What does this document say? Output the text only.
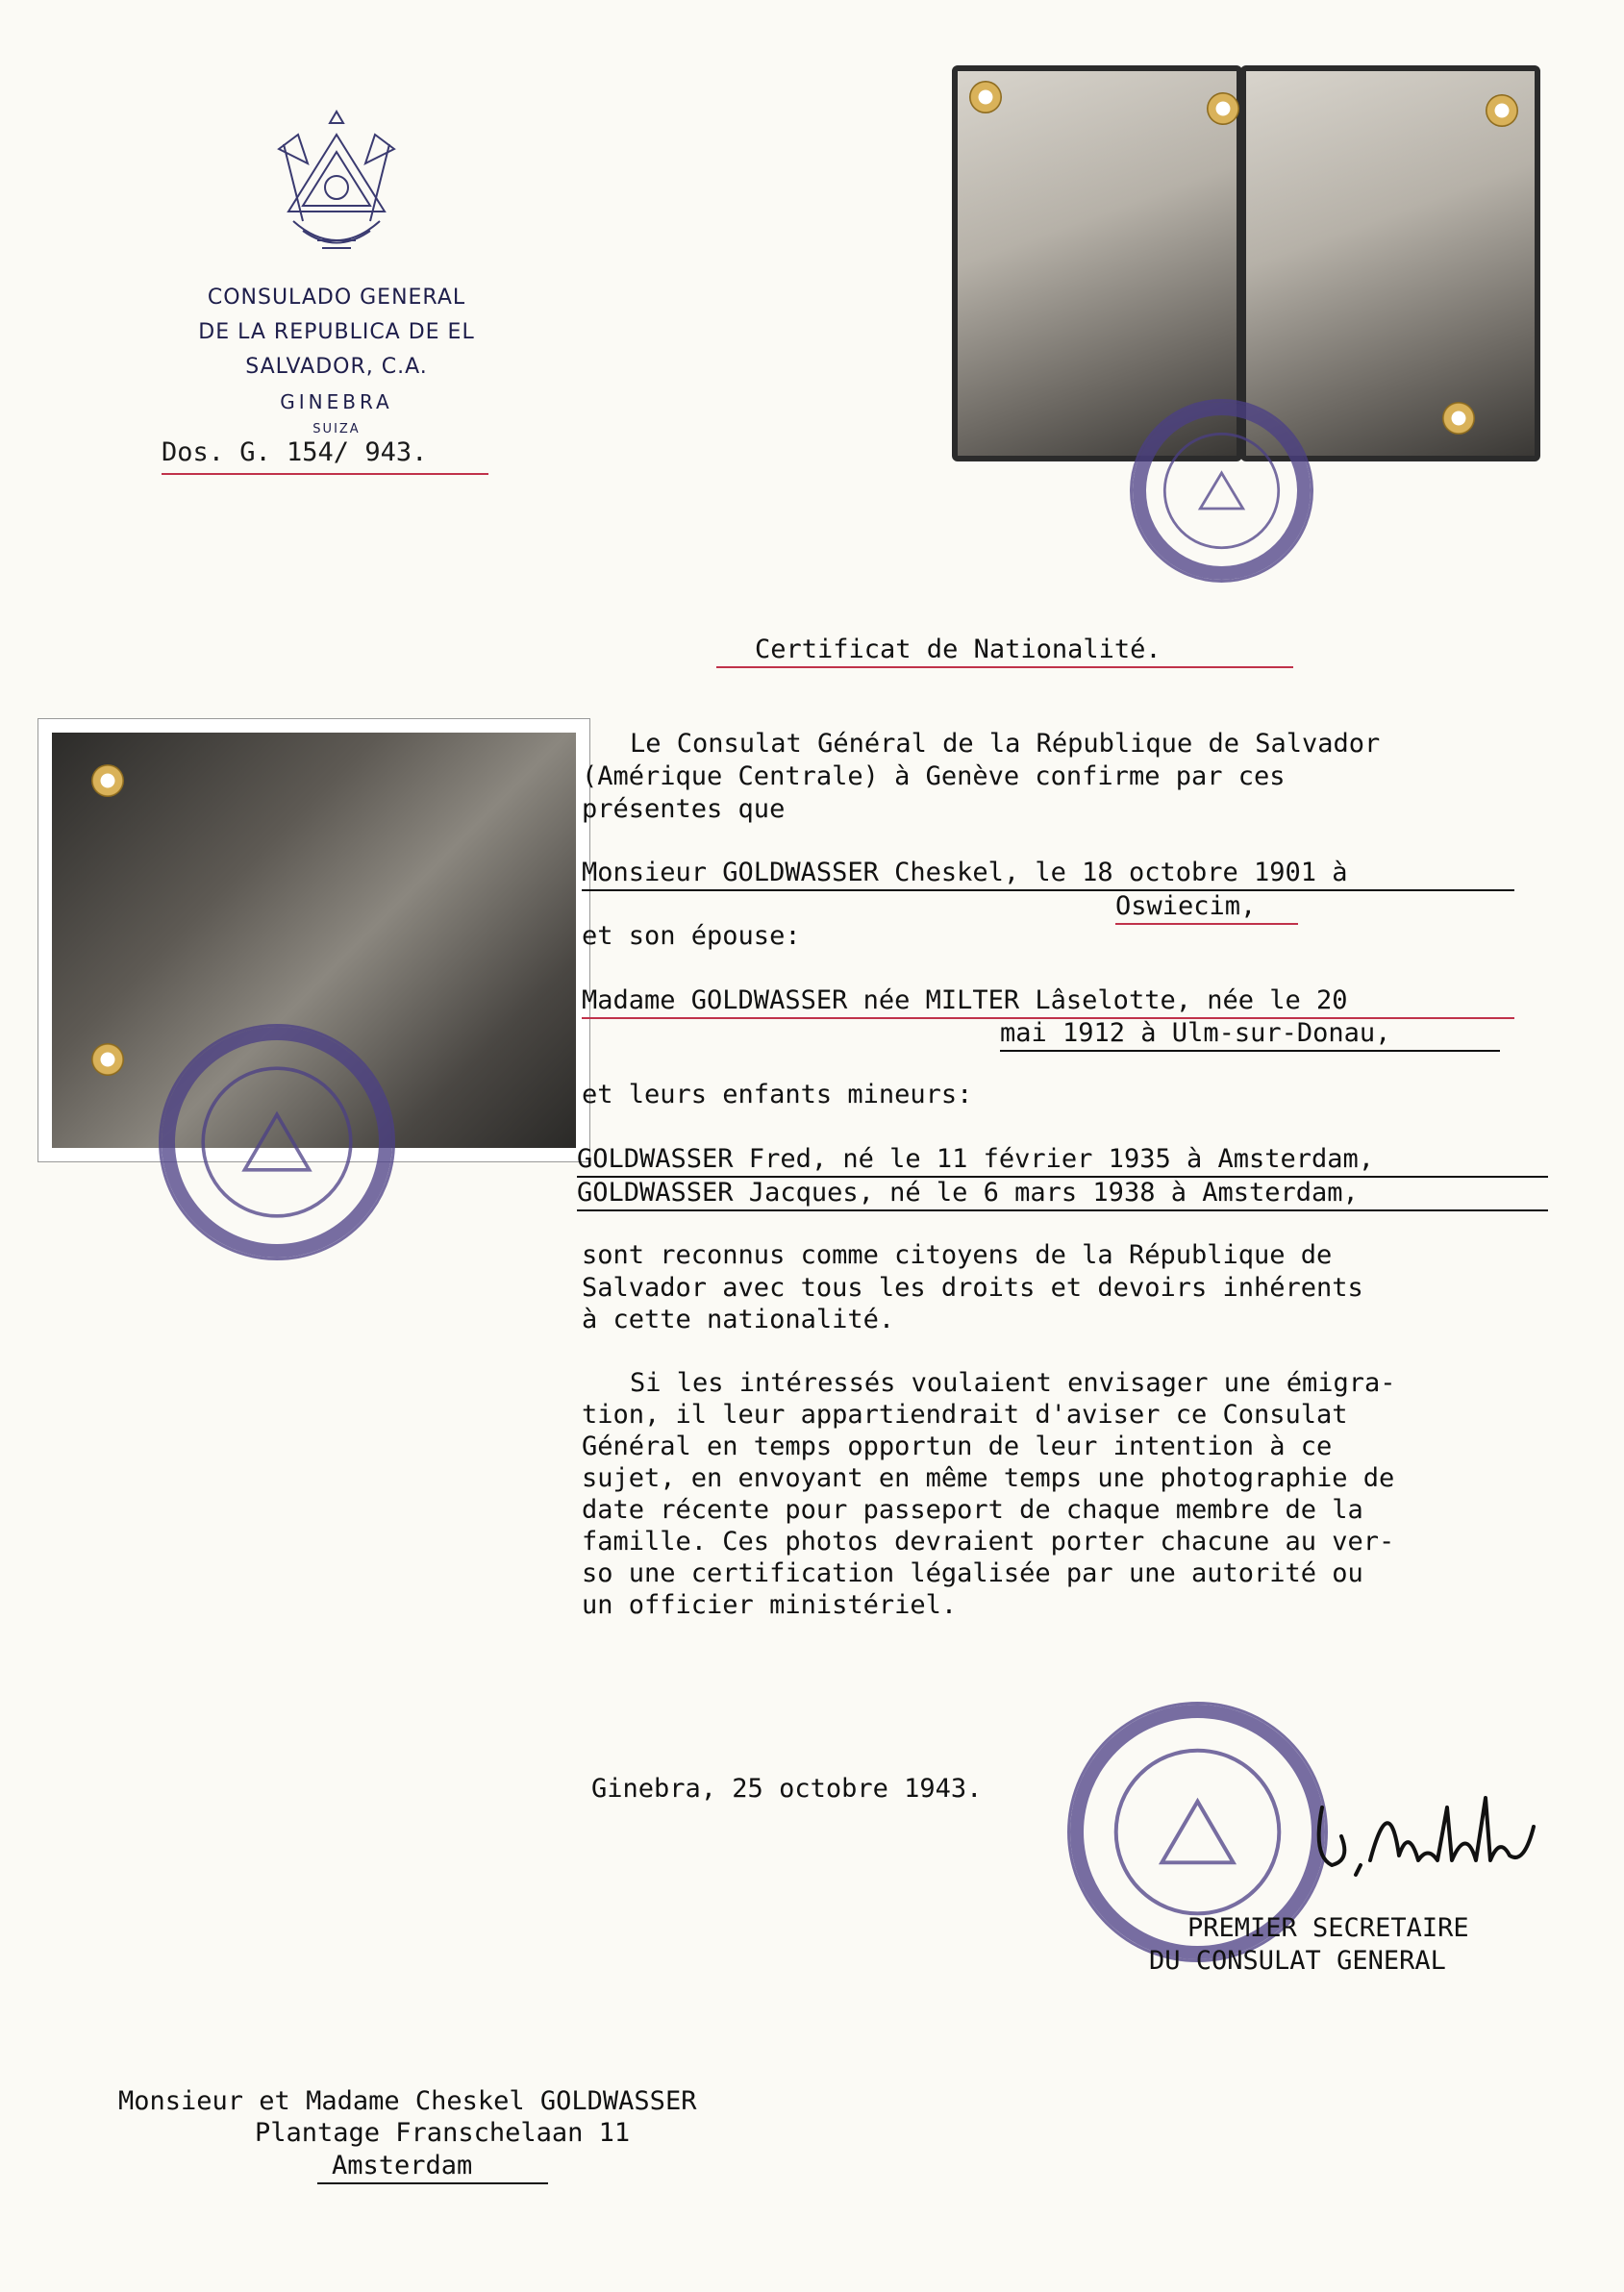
CONSULADO GENERAL
DE LA REPUBLICA DE EL SALVADOR, C.A.
GINEBRA
SUIZA
Dos. G. 154/ 943.
Certificat de Nationalité.
Le Consulat Général de la République de Salvador
(Amérique Centrale) à Genève confirme par ces
présentes que
Monsieur GOLDWASSER Cheskel, le 18 octobre 1901 à
Oswiecim,
et son épouse:
Madame GOLDWASSER née MILTER Lâselotte, née le 20
mai 1912 à Ulm-sur-Donau,
et leurs enfants mineurs:
GOLDWASSER Fred, né le 11 février 1935 à Amsterdam,
GOLDWASSER Jacques, né le 6 mars 1938 à Amsterdam,
sont reconnus comme citoyens de la République de
Salvador avec tous les droits et devoirs inhérents
à cette nationalité.
Si les intéressés voulaient envisager une émigra-
tion, il leur appartiendrait d'aviser ce Consulat
Général en temps opportun de leur intention à ce
sujet, en envoyant en même temps une photographie de
date récente pour passeport de chaque membre de la
famille. Ces photos devraient porter chacune au ver-
so une certification légalisée par une autorité ou
un officier ministériel.
Ginebra, 25 octobre 1943.
PREMIER SECRETAIRE
DU CONSULAT GENERAL
Monsieur et Madame Cheskel GOLDWASSER
Plantage Franschelaan 11
Amsterdam
